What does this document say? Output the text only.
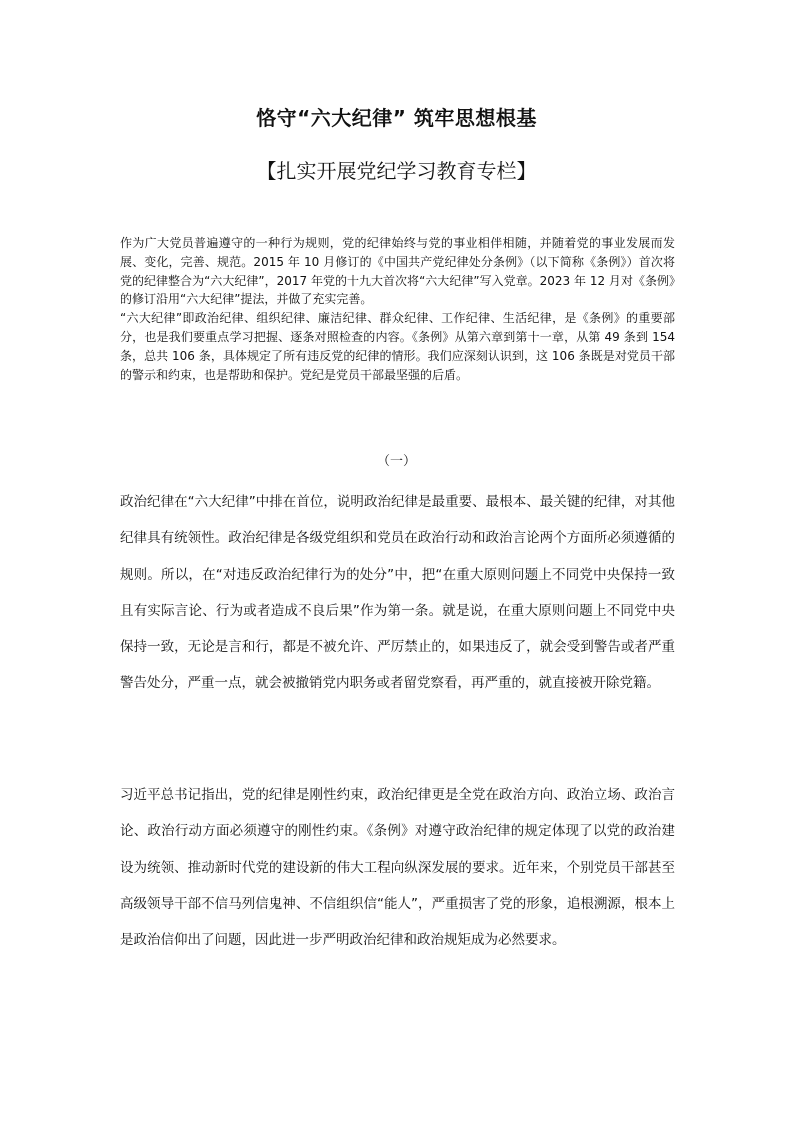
恪守“六大纪律” 筑牢思想根基
【扎实开展党纪学习教育专栏】

作为广大党员普遍遵守的一种行为规则，党的纪律始终与党的事业相伴相随，并随着党的事业发展而发展、变化，完善、规范。2015 年 10 月修订的《中国共产党纪律处分条例》（以下简称《条例》）首次将党的纪律整合为“六大纪律”，2017 年党的十九大首次将“六大纪律”写入党章。2023 年 12 月对《条例》的修订沿用“六大纪律”提法，并做了充实完善。

“六大纪律”即政治纪律、组织纪律、廉洁纪律、群众纪律、工作纪律、生活纪律，是《条例》的重要部分，也是我们要重点学习把握、逐条对照检查的内容。《条例》从第六章到第十一章，从第 49 条到 154 条，总共 106 条，具体规定了所有违反党的纪律的情形。我们应深刻认识到，这 106 条既是对党员干部的警示和约束，也是帮助和保护。党纪是党员干部最坚强的后盾。

（一）

政治纪律在“六大纪律”中排在首位，说明政治纪律是最重要、最根本、最关键的纪律，对其他纪律具有统领性。政治纪律是各级党组织和党员在政治行动和政治言论两个方面所必须遵循的规则。所以，在“对违反政治纪律行为的处分”中，把“在重大原则问题上不同党中央保持一致且有实际言论、行为或者造成不良后果”作为第一条。就是说，在重大原则问题上不同党中央保持一致，无论是言和行，都是不被允许、严厉禁止的，如果违反了，就会受到警告或者严重警告处分，严重一点，就会被撤销党内职务或者留党察看，再严重的，就直接被开除党籍。

习近平总书记指出，党的纪律是刚性约束，政治纪律更是全党在政治方向、政治立场、政治言论、政治行动方面必须遵守的刚性约束。《条例》对遵守政治纪律的规定体现了以党的政治建设为统领、推动新时代党的建设新的伟大工程向纵深发展的要求。近年来，个别党员干部甚至高级领导干部不信马列信鬼神、不信组织信“能人”，严重损害了党的形象，追根溯源，根本上是政治信仰出了问题，因此进一步严明政治纪律和政治规矩成为必然要求。
